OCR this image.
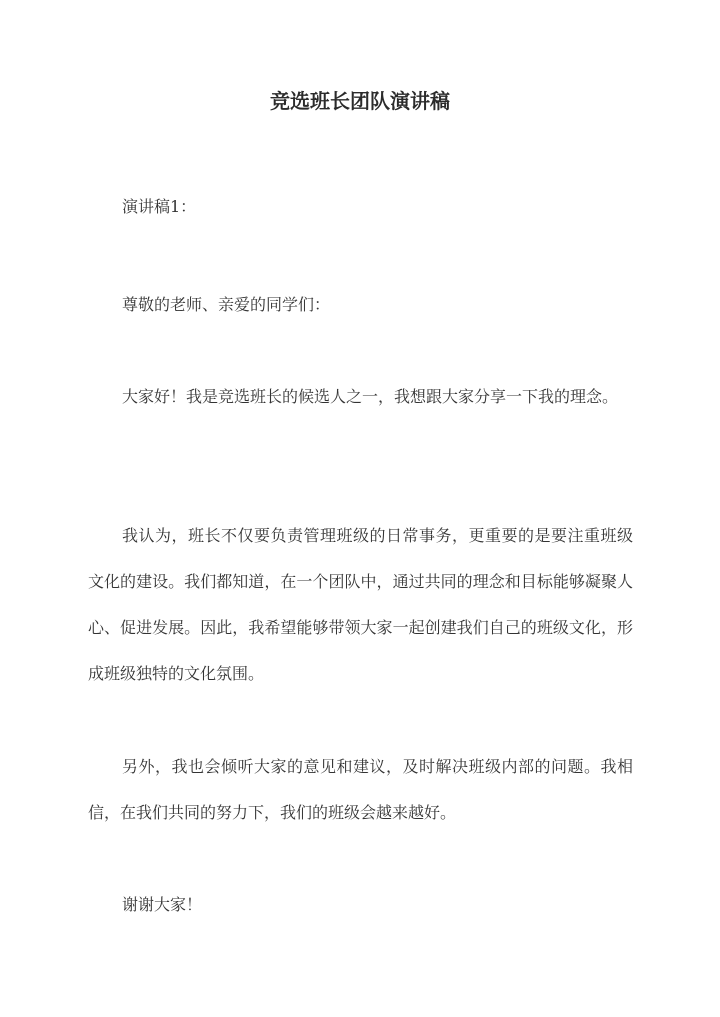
竞选班长团队演讲稿

演讲稿1：

尊敬的老师、亲爱的同学们：

大家好！我是竞选班长的候选人之一，我想跟大家分享一下我的理念。

我认为，班长不仅要负责管理班级的日常事务，更重要的是要注重班级文化的建设。我们都知道，在一个团队中，通过共同的理念和目标能够凝聚人心、促进发展。因此，我希望能够带领大家一起创建我们自己的班级文化，形成班级独特的文化氛围。

另外，我也会倾听大家的意见和建议，及时解决班级内部的问题。我相信，在我们共同的努力下，我们的班级会越来越好。

谢谢大家！
